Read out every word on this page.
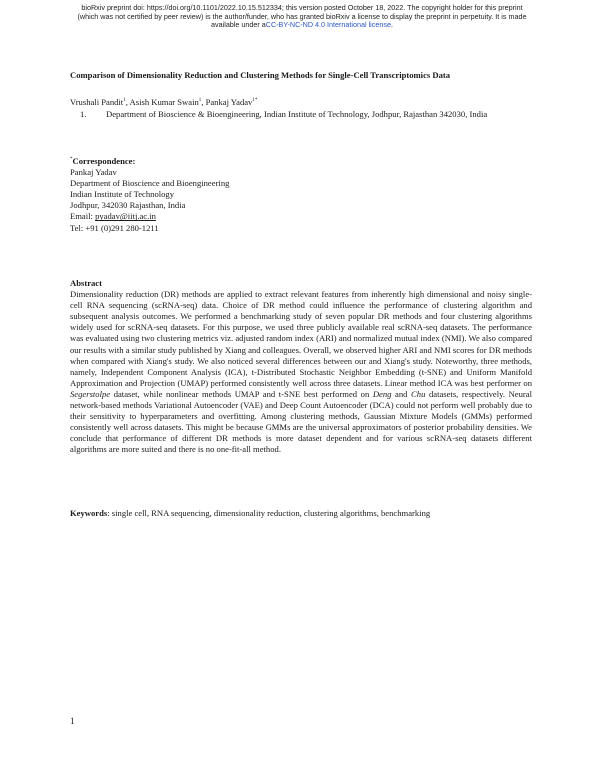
bioRxiv preprint doi: https://doi.org/10.1101/2022.10.15.512334; this version posted October 18, 2022. The copyright holder for this preprint
(which was not certified by peer review) is the author/funder, who has granted bioRxiv a license to display the preprint in perpetuity. It is made
available under aCC-BY-NC-ND 4.0 International license.
Comparison of Dimensionality Reduction and Clustering Methods for Single-Cell Transcriptomics Data
Vrushali Pandit$^1$, Asish Kumar Swain$^1$, Pankaj Yadav$^{1*}$
1. Department of Bioscience & Bioengineering, Indian Institute of Technology, Jodhpur, Rajasthan 342030, India
*Correspondence:
Pankaj Yadav
Department of Bioscience and Bioengineering
Indian Institute of Technology
Jodhpur, 342030 Rajasthan, India
Email: pyadav@iitj.ac.in
Tel: +91 (0)291 280-1211
Abstract

Dimensionality reduction (DR) methods are applied to extract relevant features from inherently high dimensional and noisy single-cell RNA sequencing (scRNA-seq) data. Choice of DR method could influence the performance of clustering algorithm and subsequent analysis outcomes. We performed a benchmarking study of seven popular DR methods and four clustering algorithms widely used for scRNA-seq datasets. For this purpose, we used three publicly available real scRNA-seq datasets. The performance was evaluated using two clustering metrics viz. adjusted random index (ARI) and normalized mutual index (NMI). We also compared our results with a similar study published by Xiang and colleagues. Overall, we observed higher ARI and NMI scores for DR methods when compared with Xiang's study. We also noticed several differences between our and Xiang's study. Noteworthy, three methods, namely, Independent Component Analysis (ICA), t-Distributed Stochastic Neighbor Embedding (t-SNE) and Uniform Manifold Approximation and Projection (UMAP) performed consistently well across three datasets. Linear method ICA was best performer on Segerstolpe dataset, while nonlinear methods UMAP and t-SNE best performed on Deng and Chu datasets, respectively. Neural network-based methods Variational Autoencoder (VAE) and Deep Count Autoencoder (DCA) could not perform well probably due to their sensitivity to hyperparameters and overfitting. Among clustering methods, Gaussian Mixture Models (GMMs) performed consistently well across datasets. This might be because GMMs are the universal approximators of posterior probability densities. We conclude that performance of different DR methods is more dataset dependent and for various scRNA-seq datasets different algorithms are more suited and there is no one-fit-all method.

Keywords: single cell, RNA sequencing, dimensionality reduction, clustering algorithms, benchmarking
1
